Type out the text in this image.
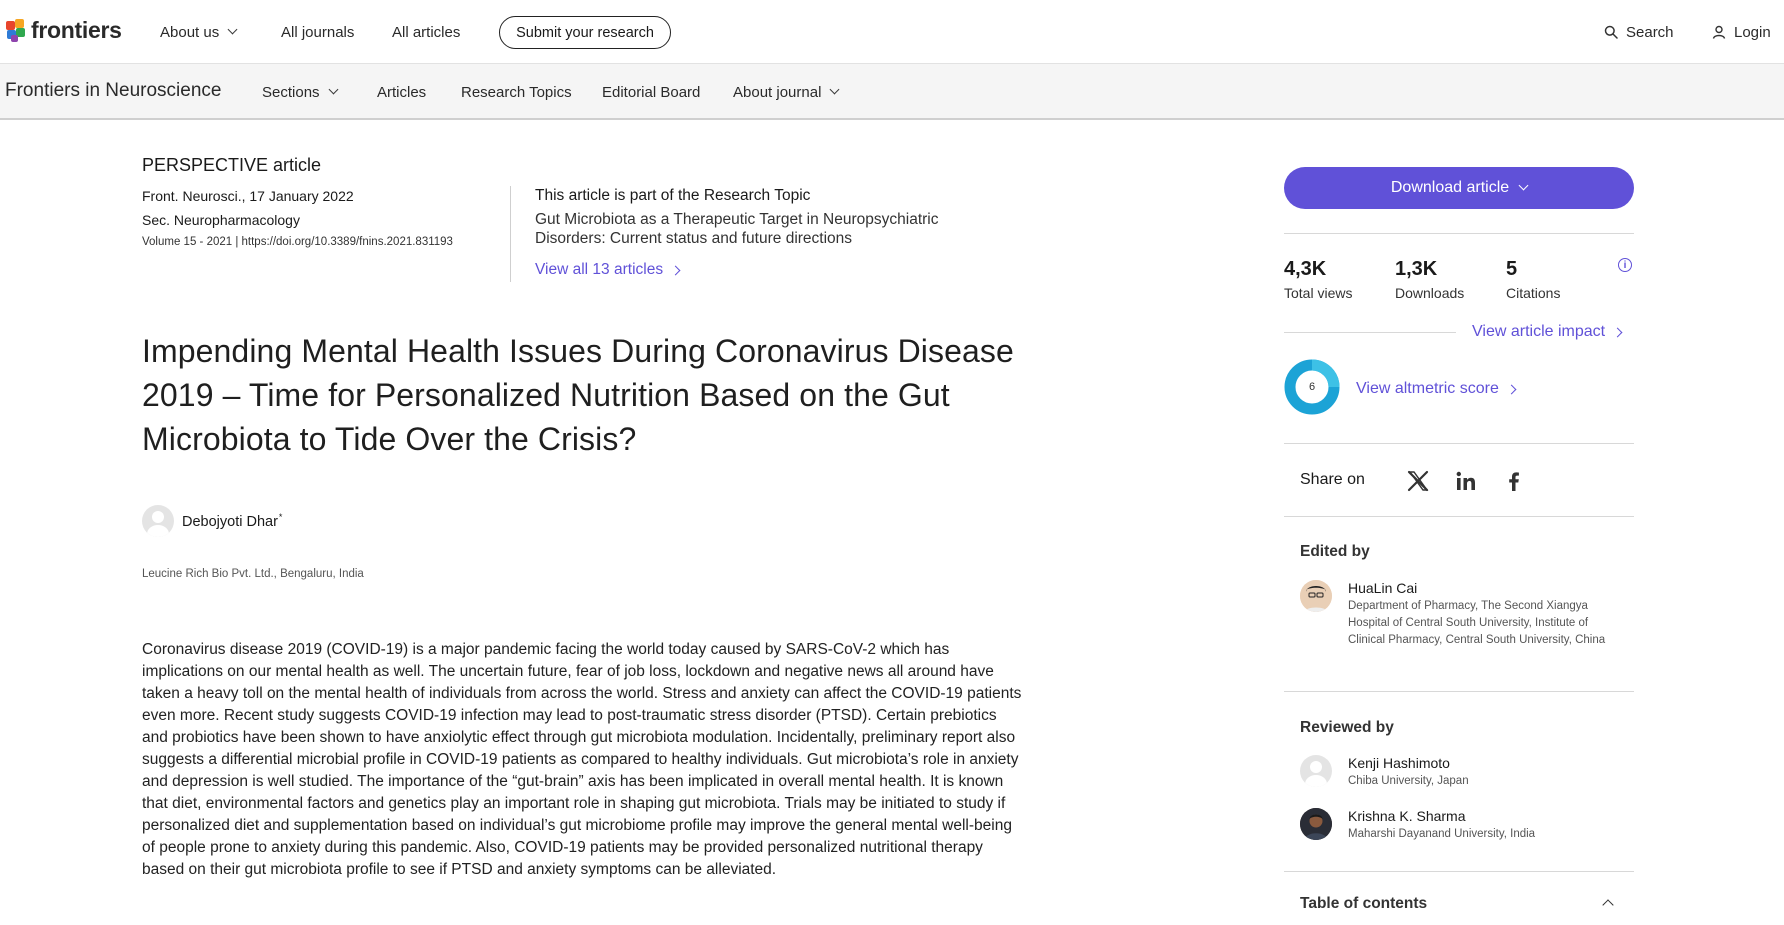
frontiers	About us	All journals	All articles	Submit your research	Search	Login
Frontiers in Neuroscience	Sections	Articles Research Topics Editorial Board About journal
PERSPECTIVE article
Front. Neurosci., 17 January 2022
Sec. Neuropharmacology
Volume 15 - 2021 | https://doi.org/10.3389/fnins.2021.831193
This article is part of the Research Topic
Gut Microbiota as a Therapeutic Target in Neuropsychiatric Disorders: Current status and future directions
View all 13 articles
Impending Mental Health Issues During Coronavirus Disease 2019 – Time for Personalized Nutrition Based on the Gut Microbiota to Tide Over the Crisis?
Debojyoti Dhar*
Leucine Rich Bio Pvt. Ltd., Bengaluru, India

Coronavirus disease 2019 (COVID-19) is a major pandemic facing the world today caused by SARS-CoV-2 which has implications on our mental health as well. The uncertain future, fear of job loss, lockdown and negative news all around have taken a heavy toll on the mental health of individuals from across the world. Stress and anxiety can affect the COVID-19 patients even more. Recent study suggests COVID-19 infection may lead to post-traumatic stress disorder (PTSD). Certain prebiotics and probiotics have been shown to have anxiolytic effect through gut microbiota modulation. Incidentally, preliminary report also suggests a differential microbial profile in COVID-19 patients as compared to healthy individuals. Gut microbiota’s role in anxiety and depression is well studied. The importance of the “gut-brain” axis has been implicated in overall mental health. It is known that diet, environmental factors and genetics play an important role in shaping gut microbiota. Trials may be initiated to study if personalized diet and supplementation based on individual’s gut microbiome profile may improve the general mental well-being of people prone to anxiety during this pandemic. Also, COVID-19 patients may be provided personalized nutritional therapy based on their gut microbiota profile to see if PTSD and anxiety symptoms can be alleviated.

Download article
4,3K
Total views
1,3K
Downloads
5
Citations
i
View article impact
6	View altmetric score
Share on
Edited by
HuaLin Cai
Department of Pharmacy, The Second Xiangya Hospital of Central South University, Institute of Clinical Pharmacy, Central South University, China
Reviewed by
Kenji Hashimoto
Chiba University, Japan
Krishna K. Sharma
Maharshi Dayanand University, India
Table of contents
